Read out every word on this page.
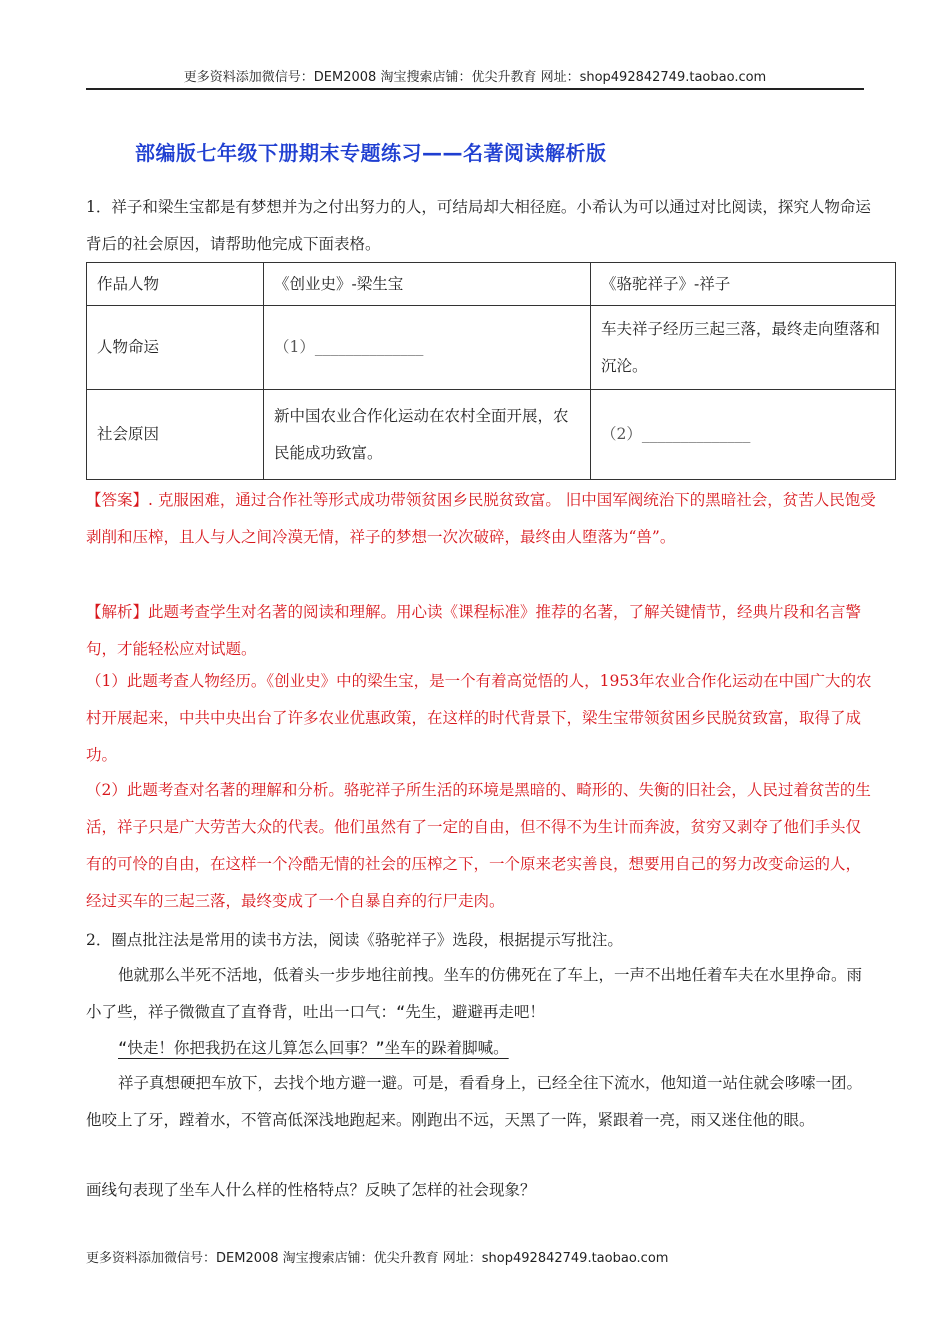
更多资料添加微信号：DEM2008 淘宝搜索店铺：优尖升教育 网址：shop492842749.taobao.com
部编版七年级下册期末专题练习——名著阅读解析版

1．祥子和梁生宝都是有梦想并为之付出努力的人，可结局却大相径庭。小希认为可以通过对比阅读，探究人物命运背后的社会原因，请帮助他完成下面表格。

作品人物	《创业史》-梁生宝	《骆驼祥子》-祥子
人物命运	（1）______________	车夫祥子经历三起三落，最终走向堕落和沉沦。
社会原因	新中国农业合作化运动在农村全面开展，农民能成功致富。	（2）______________

【答案】. 克服困难，通过合作社等形式成功带领贫困乡民脱贫致富。 旧中国军阀统治下的黑暗社会，贫苦人民饱受剥削和压榨，且人与人之间冷漠无情，祥子的梦想一次次破碎，最终由人堕落为“兽”。

【解析】此题考查学生对名著的阅读和理解。用心读《课程标准》推荐的名著，了解关键情节，经典片段和名言警句，才能轻松应对试题。

（1）此题考查人物经历。《创业史》中的梁生宝，是一个有着高觉悟的人，1953年农业合作化运动在中国广大的农村开展起来，中共中央出台了许多农业优惠政策，在这样的时代背景下，梁生宝带领贫困乡民脱贫致富，取得了成功。

（2）此题考查对名著的理解和分析。骆驼祥子所生活的环境是黑暗的、畸形的、失衡的旧社会，人民过着贫苦的生活，祥子只是广大劳苦大众的代表。他们虽然有了一定的自由，但不得不为生计而奔波，贫穷又剥夺了他们手头仅有的可怜的自由，在这样一个冷酷无情的社会的压榨之下，一个原来老实善良，想要用自己的努力改变命运的人，经过买车的三起三落，最终变成了一个自暴自弃的行尸走肉。

2．圈点批注法是常用的读书方法，阅读《骆驼祥子》选段，根据提示写批注。

他就那么半死不活地，低着头一步步地往前拽。坐车的仿佛死在了车上，一声不出地任着车夫在水里挣命。雨小了些，祥子微微直了直脊背，吐出一口气：“先生，避避再走吧！

“快走！你把我扔在这儿算怎么回事？”坐车的跺着脚喊。

祥子真想硬把车放下，去找个地方避一避。可是，看看身上，已经全往下流水，他知道一站住就会哆嗦一团。他咬上了牙，蹚着水，不管高低深浅地跑起来。刚跑出不远，天黑了一阵，紧跟着一亮，雨又迷住他的眼。

画线句表现了坐车人什么样的性格特点？反映了怎样的社会现象？

更多资料添加微信号：DEM2008 淘宝搜索店铺：优尖升教育 网址：shop492842749.taobao.com
